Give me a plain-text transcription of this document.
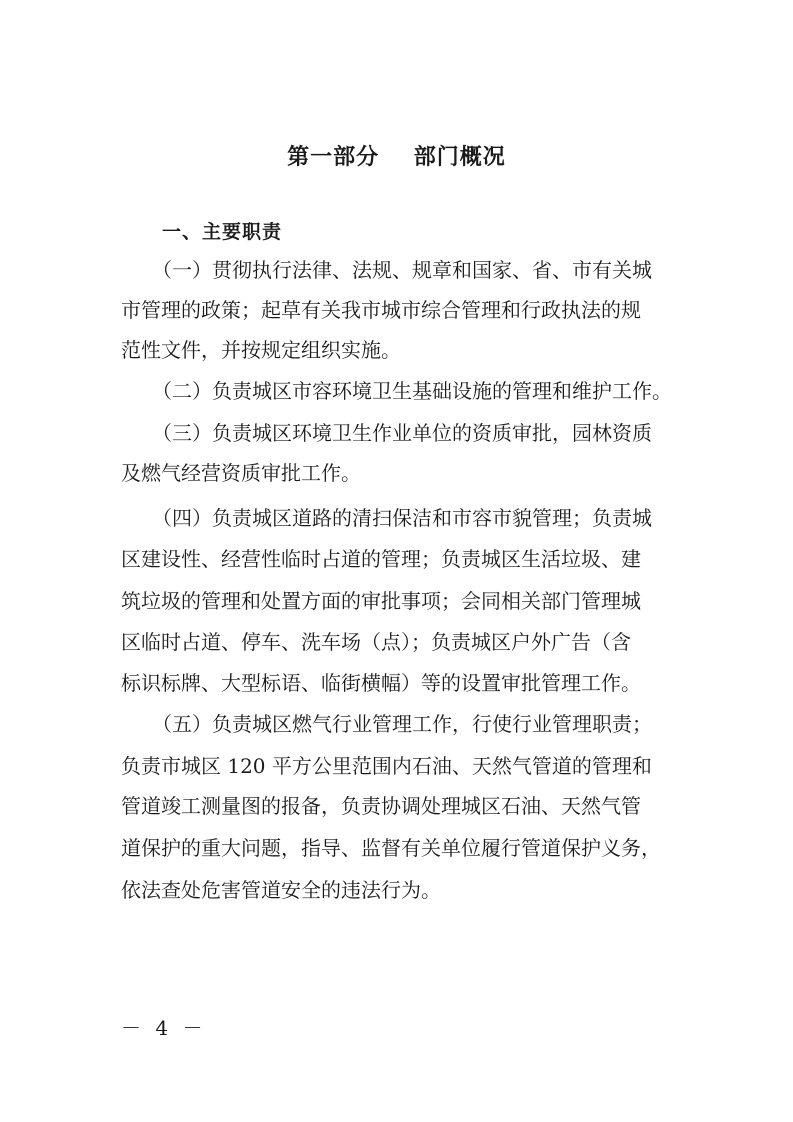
第一部分    部门概况
一、主要职责
（一）贯彻执行法律、法规、规章和国家、省、市有关城
市管理的政策；起草有关我市城市综合管理和行政执法的规
范性文件，并按规定组织实施。
（二）负责城区市容环境卫生基础设施的管理和维护工作。
（三）负责城区环境卫生作业单位的资质审批，园林资质
及燃气经营资质审批工作。
（四）负责城区道路的清扫保洁和市容市貌管理；负责城
区建设性、经营性临时占道的管理；负责城区生活垃圾、建
筑垃圾的管理和处置方面的审批事项；会同相关部门管理城
区临时占道、停车、洗车场（点）；负责城区户外广告（含
标识标牌、大型标语、临街横幅）等的设置审批管理工作。
（五）负责城区燃气行业管理工作，行使行业管理职责；
负责市城区 120 平方公里范围内石油、天然气管道的管理和
管道竣工测量图的报备，负责协调处理城区石油、天然气管
道保护的重大问题，指导、监督有关单位履行管道保护义务，
依法查处危害管道安全的违法行为。
－ 4 －
